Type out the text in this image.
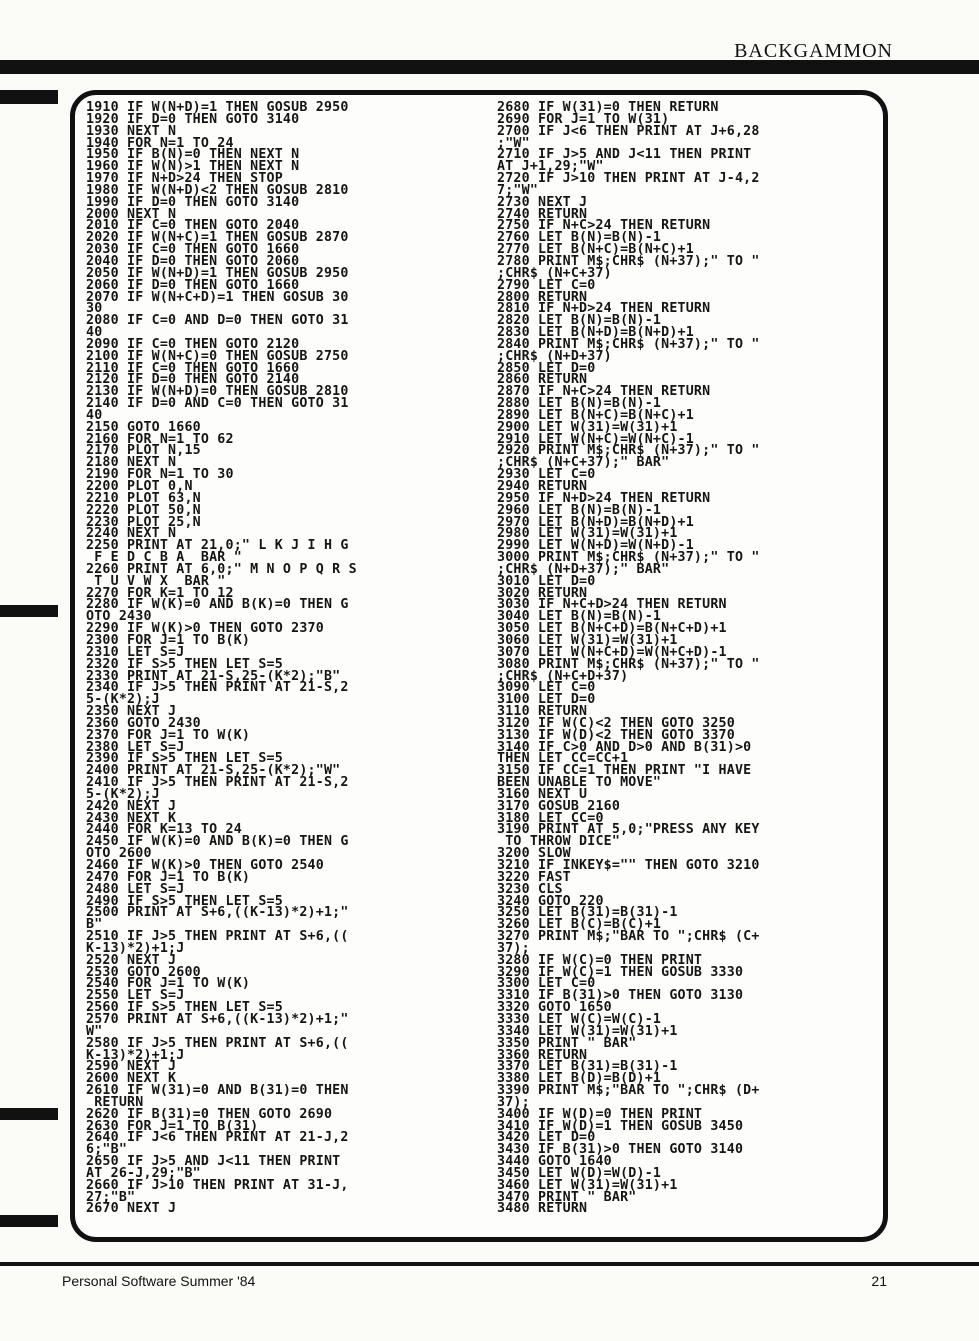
BACKGAMMON
1910 IF W(N+D)=1 THEN GOSUB 2950
1920 IF D=0 THEN GOTO 3140
1930 NEXT N
1940 FOR N=1 TO 24
1950 IF B(N)=0 THEN NEXT N
1960 IF W(N)>1 THEN NEXT N
1970 IF N+D>24 THEN STOP
1980 IF W(N+D)<2 THEN GOSUB 2810
1990 IF D=0 THEN GOTO 3140
2000 NEXT N
2010 IF C=0 THEN GOTO 2040
2020 IF W(N+C)=1 THEN GOSUB 2870
2030 IF C=0 THEN GOTO 1660
2040 IF D=0 THEN GOTO 2060
2050 IF W(N+D)=1 THEN GOSUB 2950
2060 IF D=0 THEN GOTO 1660
2070 IF W(N+C+D)=1 THEN GOSUB 30
30
2080 IF C=0 AND D=0 THEN GOTO 31
40
2090 IF C=0 THEN GOTO 2120
2100 IF W(N+C)=0 THEN GOSUB 2750
2110 IF C=0 THEN GOTO 1660
2120 IF D=0 THEN GOTO 2140
2130 IF W(N+D)=0 THEN GOSUB 2810
2140 IF D=0 AND C=0 THEN GOTO 31
40
2150 GOTO 1660
2160 FOR N=1 TO 62
2170 PLOT N,15
2180 NEXT N
2190 FOR N=1 TO 30
2200 PLOT 0,N
2210 PLOT 63,N
2220 PLOT 50,N
2230 PLOT 25,N
2240 NEXT N
2250 PRINT AT 21,0;" L K J I H G
F E D C B A  BAR "
2260 PRINT AT 6,0;" M N O P Q R S
T U V W X  BAR "
2270 FOR K=1 TO 12
2280 IF W(K)=0 AND B(K)=0 THEN G
OTO 2430
2290 IF W(K)>0 THEN GOTO 2370
2300 FOR J=1 TO B(K)
2310 LET S=J
2320 IF S>5 THEN LET S=5
2330 PRINT AT 21-S,25-(K*2);"B"
2340 IF J>5 THEN PRINT AT 21-S,2
5-(K*2);J
2350 NEXT J
2360 GOTO 2430
2370 FOR J=1 TO W(K)
2380 LET S=J
2390 IF S>5 THEN LET S=5
2400 PRINT AT 21-S,25-(K*2);"W"
2410 IF J>5 THEN PRINT AT 21-S,2
5-(K*2);J
2420 NEXT J
2430 NEXT K
2440 FOR K=13 TO 24
2450 IF W(K)=0 AND B(K)=0 THEN G
OTO 2600
2460 IF W(K)>0 THEN GOTO 2540
2470 FOR J=1 TO B(K)
2480 LET S=J
2490 IF S>5 THEN LET S=5
2500 PRINT AT S+6,((K-13)*2)+1;"
B"
2510 IF J>5 THEN PRINT AT S+6,((
K-13)*2)+1;J
2520 NEXT J
2530 GOTO 2600
2540 FOR J=1 TO W(K)
2550 LET S=J
2560 IF S>5 THEN LET S=5
2570 PRINT AT S+6,((K-13)*2)+1;"
W"
2580 IF J>5 THEN PRINT AT S+6,((
K-13)*2)+1;J
2590 NEXT J
2600 NEXT K
2610 IF W(31)=0 AND B(31)=0 THEN
RETURN
2620 IF B(31)=0 THEN GOTO 2690
2630 FOR J=1 TO B(31)
2640 IF J<6 THEN PRINT AT 21-J,2
6;"B"
2650 IF J>5 AND J<11 THEN PRINT
AT 26-J,29;"B"
2660 IF J>10 THEN PRINT AT 31-J,
27;"B"
2670 NEXT J
2680 IF W(31)=0 THEN RETURN
2690 FOR J=1 TO W(31)
2700 IF J<6 THEN PRINT AT J+6,28
;"W"
2710 IF J>5 AND J<11 THEN PRINT
AT J+1,29;"W"
2720 IF J>10 THEN PRINT AT J-4,2
7;"W"
2730 NEXT J
2740 RETURN
2750 IF N+C>24 THEN RETURN
2760 LET B(N)=B(N)-1
2770 LET B(N+C)=B(N+C)+1
2780 PRINT M$;CHR$ (N+37);" TO "
;CHR$ (N+C+37)
2790 LET C=0
2800 RETURN
2810 IF N+D>24 THEN RETURN
2820 LET B(N)=B(N)-1
2830 LET B(N+D)=B(N+D)+1
2840 PRINT M$;CHR$ (N+37);" TO "
;CHR$ (N+D+37)
2850 LET D=0
2860 RETURN
2870 IF N+C>24 THEN RETURN
2880 LET B(N)=B(N)-1
2890 LET B(N+C)=B(N+C)+1
2900 LET W(31)=W(31)+1
2910 LET W(N+C)=W(N+C)-1
2920 PRINT M$;CHR$ (N+37);" TO "
;CHR$ (N+C+37);" BAR"
2930 LET C=0
2940 RETURN
2950 IF N+D>24 THEN RETURN
2960 LET B(N)=B(N)-1
2970 LET B(N+D)=B(N+D)+1
2980 LET W(31)=W(31)+1
2990 LET W(N+D)=W(N+D)-1
3000 PRINT M$;CHR$ (N+37);" TO "
;CHR$ (N+D+37);" BAR"
3010 LET D=0
3020 RETURN
3030 IF N+C+D>24 THEN RETURN
3040 LET B(N)=B(N)-1
3050 LET B(N+C+D)=B(N+C+D)+1
3060 LET W(31)=W(31)+1
3070 LET W(N+C+D)=W(N+C+D)-1
3080 PRINT M$;CHR$ (N+37);" TO "
;CHR$ (N+C+D+37)
3090 LET C=0
3100 LET D=0
3110 RETURN
3120 IF W(C)<2 THEN GOTO 3250
3130 IF W(D)<2 THEN GOTO 3370
3140 IF C>0 AND D>0 AND B(31)>0
THEN LET CC=CC+1
3150 IF CC=1 THEN PRINT "I HAVE
BEEN UNABLE TO MOVE"
3160 NEXT U
3170 GOSUB 2160
3180 LET CC=0
3190 PRINT AT 5,0;"PRESS ANY KEY
TO THROW DICE"
3200 SLOW
3210 IF INKEY$="" THEN GOTO 3210
3220 FAST
3230 CLS
3240 GOTO 220
3250 LET B(31)=B(31)-1
3260 LET B(C)=B(C)+1
3270 PRINT M$;"BAR TO ";CHR$ (C+
37);
3280 IF W(C)=0 THEN PRINT
3290 IF W(C)=1 THEN GOSUB 3330
3300 LET C=0
3310 IF B(31)>0 THEN GOTO 3130
3320 GOTO 1650
3330 LET W(C)=W(C)-1
3340 LET W(31)=W(31)+1
3350 PRINT " BAR"
3360 RETURN
3370 LET B(31)=B(31)-1
3380 LET B(D)=B(D)+1
3390 PRINT M$;"BAR TO ";CHR$ (D+
37);
3400 IF W(D)=0 THEN PRINT
3410 IF W(D)=1 THEN GOSUB 3450
3420 LET D=0
3430 IF B(31)>0 THEN GOTO 3140
3440 GOTO 1640
3450 LET W(D)=W(D)-1
3460 LET W(31)=W(31)+1
3470 PRINT " BAR"
3480 RETURN
Personal Software Summer '84	21
